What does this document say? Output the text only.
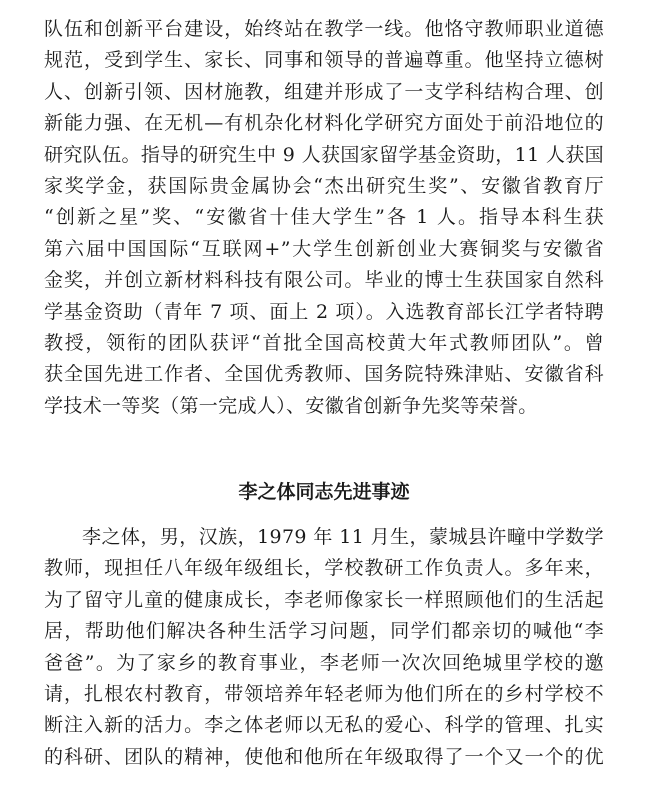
队伍和创新平台建设，始终站在教学一线。他恪守教师职业道德
规范，受到学生、家长、同事和领导的普遍尊重。他坚持立德树
人、创新引领、因材施教，组建并形成了一支学科结构合理、创
新能力强、在无机—有机杂化材料化学研究方面处于前沿地位的
研究队伍。指导的研究生中 9 人获国家留学基金资助，11 人获国
家奖学金，获国际贵金属协会“杰出研究生奖”、安徽省教育厅
“创新之星”奖、“安徽省十佳大学生”各 1 人。指导本科生获
第六届中国国际“互联网+”大学生创新创业大赛铜奖与安徽省
金奖，并创立新材料科技有限公司。毕业的博士生获国家自然科
学基金资助（青年 7 项、面上 2 项）。入选教育部长江学者特聘
教授，领衔的团队获评“首批全国高校黄大年式教师团队”。曾
获全国先进工作者、全国优秀教师、国务院特殊津贴、安徽省科
学技术一等奖（第一完成人）、安徽省创新争先奖等荣誉。

李之体同志先进事迹

李之体，男，汉族，1979 年 11 月生，蒙城县许疃中学数学
教师，现担任八年级年级组长，学校教研工作负责人。多年来，
为了留守儿童的健康成长，李老师像家长一样照顾他们的生活起
居，帮助他们解决各种生活学习问题，同学们都亲切的喊他“李
爸爸”。为了家乡的教育事业，李老师一次次回绝城里学校的邀
请，扎根农村教育，带领培养年轻老师为他们所在的乡村学校不
断注入新的活力。李之体老师以无私的爱心、科学的管理、扎实
的科研、团队的精神，使他和他所在年级取得了一个又一个的优
